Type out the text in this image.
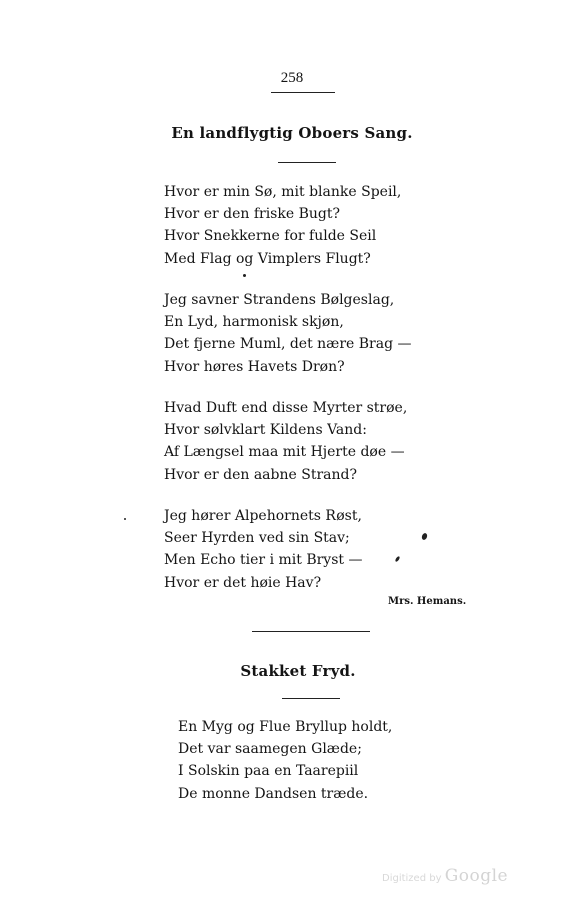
258
En landflygtig Oboers Sang.
Hvor er min Sø, mit blanke Speil,
Hvor er den friske Bugt?
Hvor Snekkerne for fulde Seil
Med Flag og Vimplers Flugt?
Jeg savner Strandens Bølgeslag,
En Lyd, harmonisk skjøn,
Det fjerne Muml, det nære Brag —
Hvor høres Havets Drøn?
Hvad Duft end disse Myrter strøe,
Hvor sølvklart Kildens Vand:
Af Længsel maa mit Hjerte døe —
Hvor er den aabne Strand?
Jeg hører Alpehornets Røst,
Seer Hyrden ved sin Stav;
Men Echo tier i mit Bryst —
Hvor er det høie Hav?
Mrs. Hemans.
Stakket Fryd.
En Myg og Flue Bryllup holdt,
Det var saamegen Glæde;
I Solskin paa en Taarepiil
De monne Dandsen træde.
Digitized by Google
